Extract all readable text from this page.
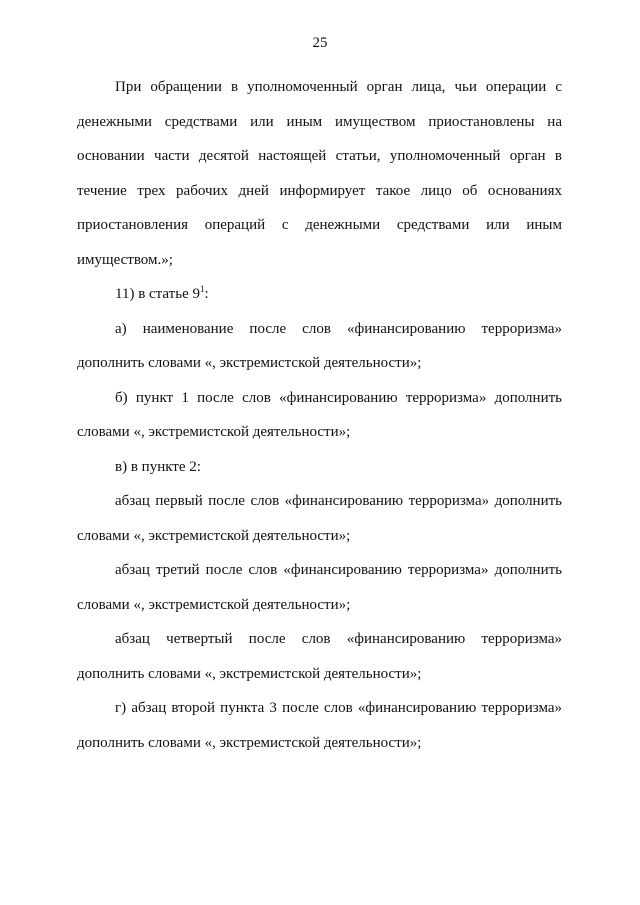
25

При обращении в уполномоченный орган лица, чьи операции с денежными средствами или иным имуществом приостановлены на основании части десятой настоящей статьи, уполномоченный орган в течение трех рабочих дней информирует такое лицо об основаниях приостановления операций с денежными средствами или иным имуществом.»;

11) в статье $9^1$:

а) наименование после слов «финансированию терроризма» дополнить словами «, экстремистской деятельности»;

б) пункт 1 после слов «финансированию терроризма» дополнить словами «, экстремистской деятельности»;

в) в пункте 2:

абзац первый после слов «финансированию терроризма» дополнить словами «, экстремистской деятельности»;

абзац третий после слов «финансированию терроризма» дополнить словами «, экстремистской деятельности»;

абзац четвертый после слов «финансированию терроризма» дополнить словами «, экстремистской деятельности»;

г) абзац второй пункта 3 после слов «финансированию терроризма» дополнить словами «, экстремистской деятельности»;
